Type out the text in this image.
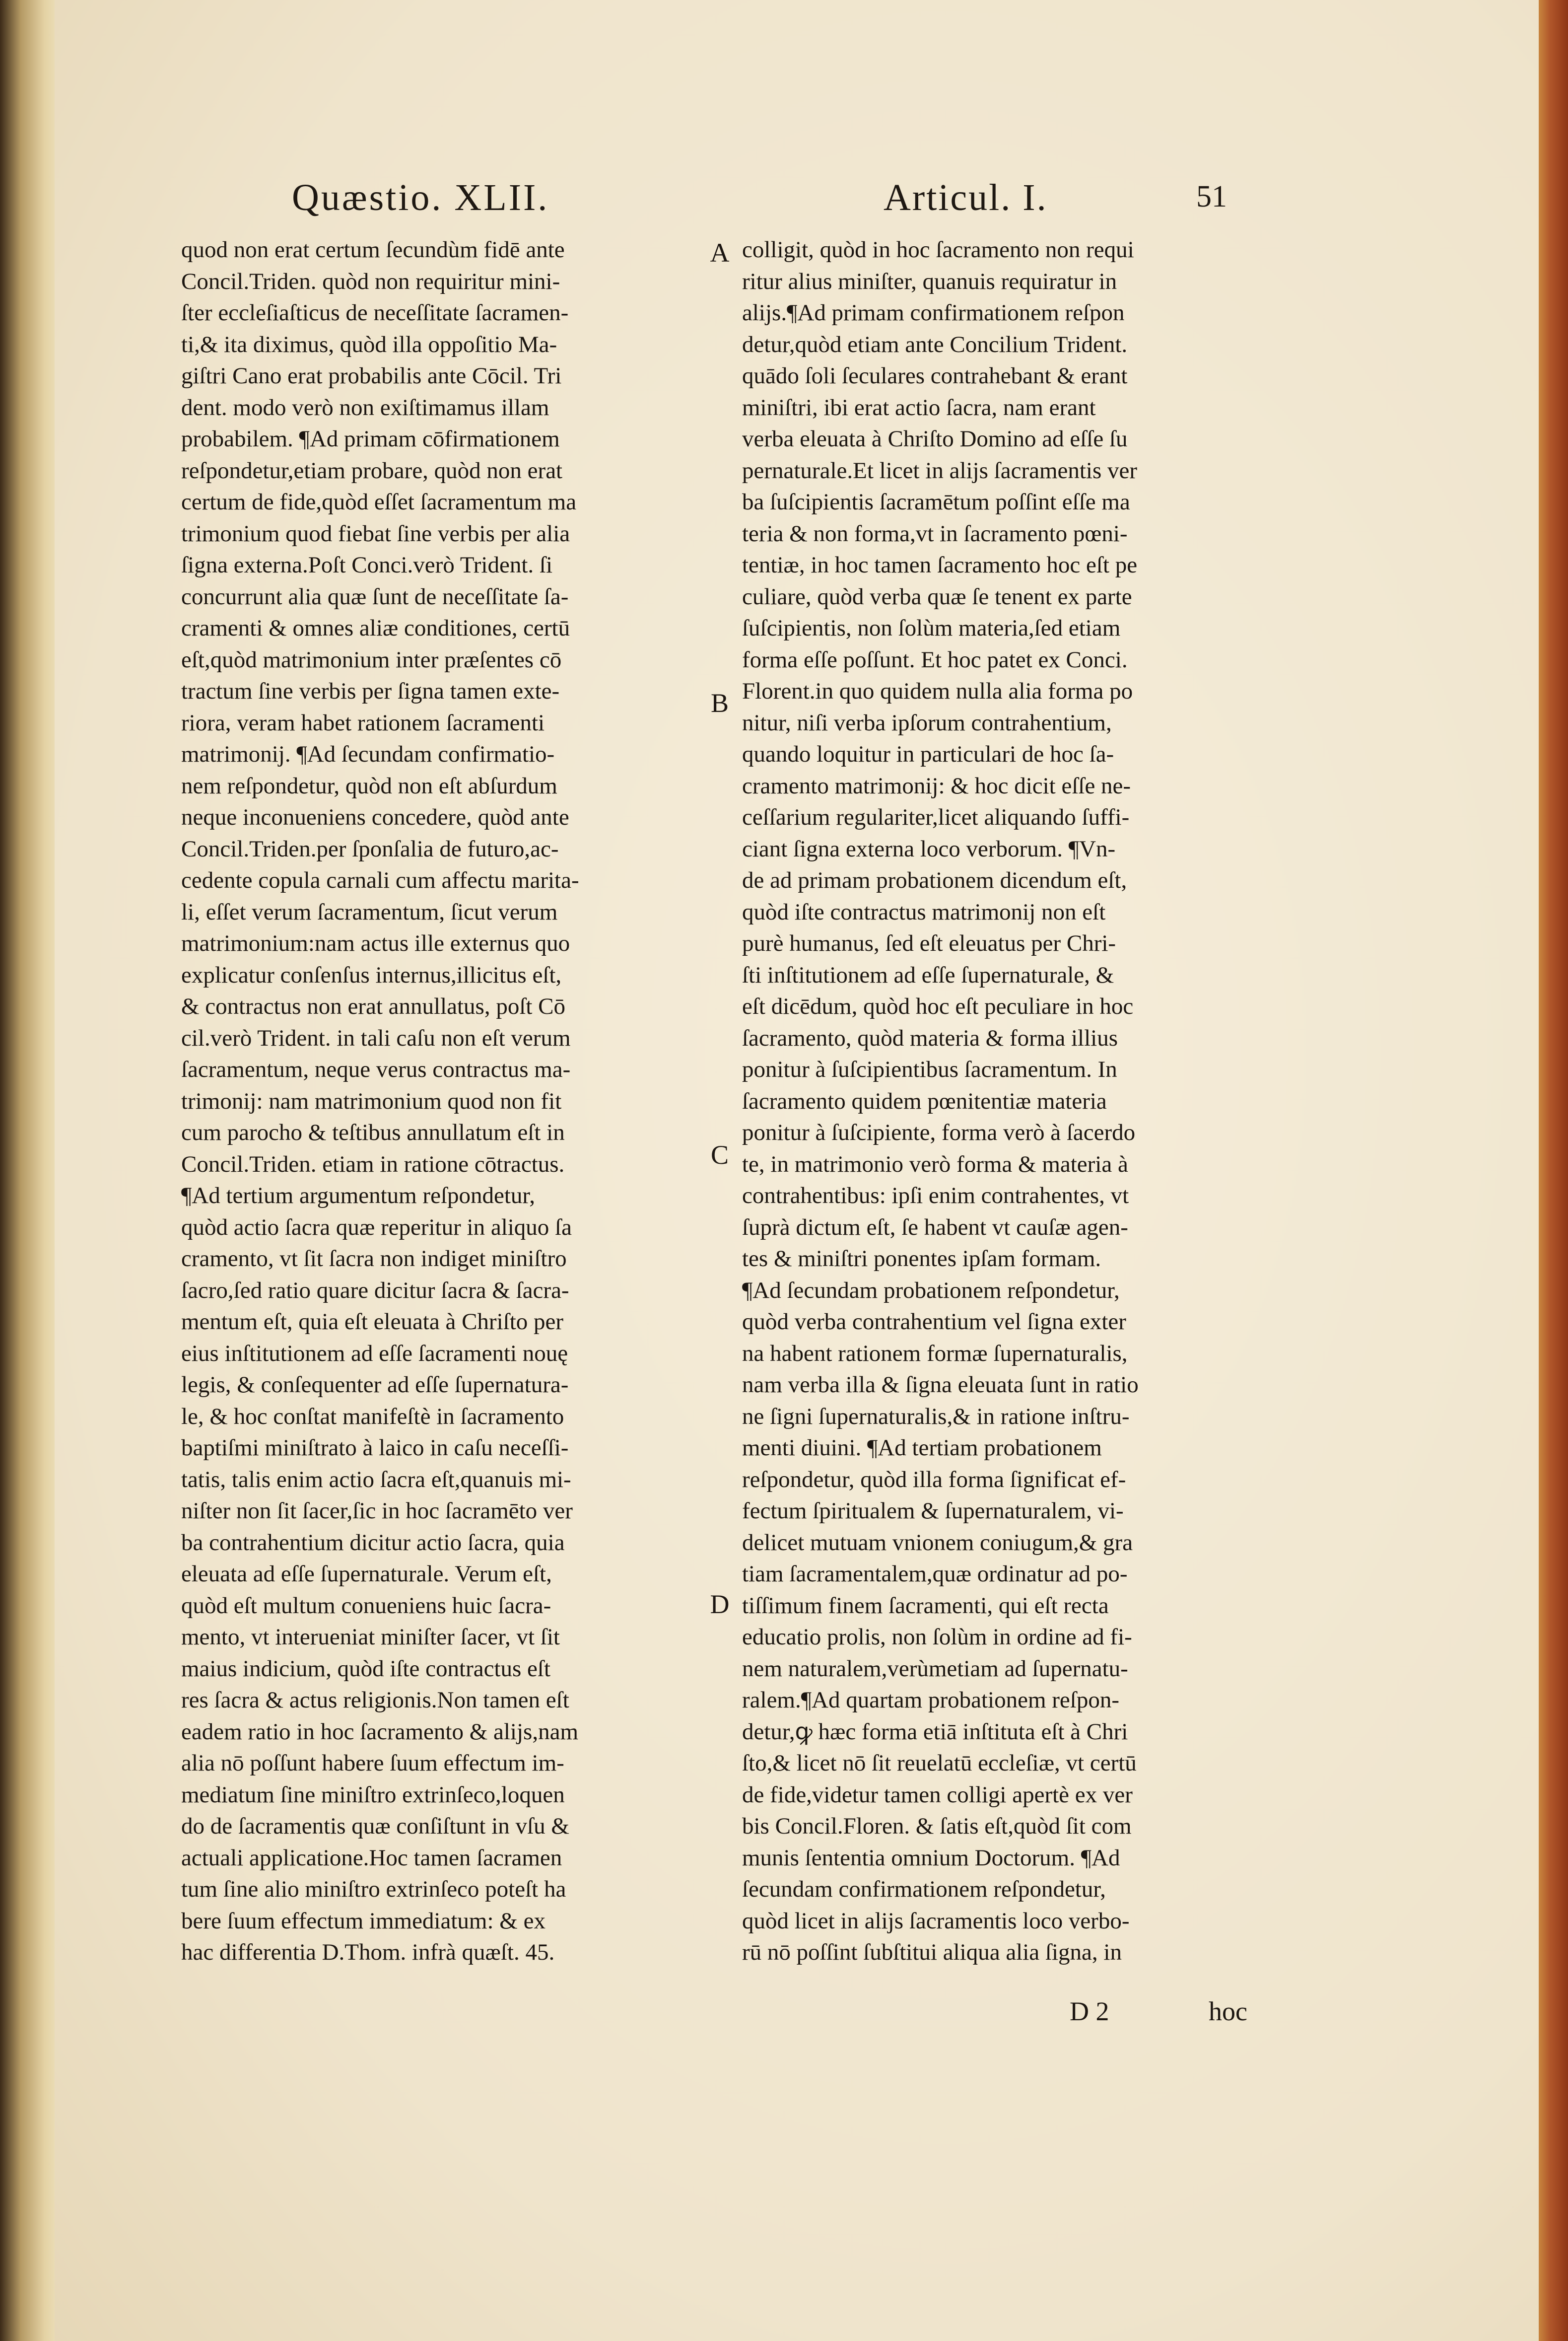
Quæstio. XLII.	Articul. I.	51
quod non erat certum ſecundùm fidē ante
Concil.Triden. quòd non requiritur mini-
ſter eccleſiaſticus de neceſſitate ſacramen-
ti,& ita diximus, quòd illa oppoſitio Ma-
giſtri Cano erat probabilis ante Cōcil. Tri
dent. modo verò non exiſtimamus illam
probabilem. ¶Ad primam cōfirmationem
reſpondetur,etiam probare, quòd non erat
certum de fide,quòd eſſet ſacramentum ma
trimonium quod fiebat ſine verbis per alia
ſigna externa.Poſt Conci.verò Trident. ſi
concurrunt alia quæ ſunt de neceſſitate ſa-
cramenti & omnes aliæ conditiones, certū
eſt,quòd matrimonium inter præſentes cō
tractum ſine verbis per ſigna tamen exte-
riora, veram habet rationem ſacramenti
matrimonij. ¶Ad ſecundam confirmatio-
nem reſpondetur, quòd non eſt abſurdum
neque inconueniens concedere, quòd ante
Concil.Triden.per ſponſalia de futuro,ac-
cedente copula carnali cum affectu marita-
li, eſſet verum ſacramentum, ſicut verum
matrimonium:nam actus ille externus quo
explicatur conſenſus internus,illicitus eſt,
& contractus non erat annullatus, poſt Cō
cil.verò Trident. in tali caſu non eſt verum
ſacramentum, neque verus contractus ma-
trimonij: nam matrimonium quod non fit
cum parocho & teſtibus annullatum eſt in
Concil.Triden. etiam in ratione cōtractus.
¶Ad tertium argumentum reſpondetur,
quòd actio ſacra quæ reperitur in aliquo ſa
cramento, vt ſit ſacra non indiget miniſtro
ſacro,ſed ratio quare dicitur ſacra & ſacra-
mentum eſt, quia eſt eleuata à Chriſto per
eius inſtitutionem ad eſſe ſacramenti nouę
legis, & conſequenter ad eſſe ſupernatura-
le, & hoc conſtat manifeſtè in ſacramento
baptiſmi miniſtrato à laico in caſu neceſſi-
tatis, talis enim actio ſacra eſt,quanuis mi-
niſter non ſit ſacer,ſic in hoc ſacramēto ver
ba contrahentium dicitur actio ſacra, quia
eleuata ad eſſe ſupernaturale. Verum eſt,
quòd eſt multum conueniens huic ſacra-
mento, vt interueniat miniſter ſacer, vt ſit
maius indicium, quòd iſte contractus eſt
res ſacra & actus religionis.Non tamen eſt
eadem ratio in hoc ſacramento & alijs,nam
alia nō poſſunt habere ſuum effectum im-
mediatum ſine miniſtro extrinſeco,loquen
do de ſacramentis quæ conſiſtunt in vſu &
actuali applicatione.Hoc tamen ſacramen
tum ſine alio miniſtro extrinſeco poteſt ha
bere ſuum effectum immediatum: & ex
hac differentia D.Thom. infrà quæſt. 45.
colligit, quòd in hoc ſacramento non requi
ritur alius miniſter, quanuis requiratur in
alijs.¶Ad primam confirmationem reſpon
detur,quòd etiam ante Concilium Trident.
quādo ſoli ſeculares contrahebant & erant
miniſtri, ibi erat actio ſacra, nam erant
verba eleuata à Chriſto Domino ad eſſe ſu
pernaturale.Et licet in alijs ſacramentis ver
ba ſuſcipientis ſacramētum poſſint eſſe ma
teria & non forma,vt in ſacramento pœni-
tentiæ, in hoc tamen ſacramento hoc eſt pe
culiare, quòd verba quæ ſe tenent ex parte
ſuſcipientis, non ſolùm materia,ſed etiam
forma eſſe poſſunt. Et hoc patet ex Conci.
Florent.in quo quidem nulla alia forma po
nitur, niſi verba ipſorum contrahentium,
quando loquitur in particulari de hoc ſa-
cramento matrimonij: & hoc dicit eſſe ne-
ceſſarium regulariter,licet aliquando ſuffi-
ciant ſigna externa loco verborum. ¶Vn-
de ad primam probationem dicendum eſt,
quòd iſte contractus matrimonij non eſt
purè humanus, ſed eſt eleuatus per Chri-
ſti inſtitutionem ad eſſe ſupernaturale, &
eſt dicēdum, quòd hoc eſt peculiare in hoc
ſacramento, quòd materia & forma illius
ponitur à ſuſcipientibus ſacramentum. In
ſacramento quidem pœnitentiæ materia
ponitur à ſuſcipiente, forma verò à ſacerdo
te, in matrimonio verò forma & materia à
contrahentibus: ipſi enim contrahentes, vt
ſuprà dictum eſt, ſe habent vt cauſæ agen-
tes & miniſtri ponentes ipſam formam.
¶Ad ſecundam probationem reſpondetur,
quòd verba contrahentium vel ſigna exter
na habent rationem formæ ſupernaturalis,
nam verba illa & ſigna eleuata ſunt in ratio
ne ſigni ſupernaturalis,& in ratione inſtru-
menti diuini. ¶Ad tertiam probationem
reſpondetur, quòd illa forma ſignificat ef-
fectum ſpiritualem & ſupernaturalem, vi-
delicet mutuam vnionem coniugum,& gra
tiam ſacramentalem,quæ ordinatur ad po-
tiſſimum finem ſacramenti, qui eſt recta
educatio prolis, non ſolùm in ordine ad fi-
nem naturalem,verùmetiam ad ſupernatu-
ralem.¶Ad quartam probationem reſpon-
detur,ꝙ hæc forma etiā inſtituta eſt à Chri
ſto,& licet nō ſit reuelatū eccleſiæ, vt certū
de fide,videtur tamen colligi apertè ex ver
bis Concil.Floren. & ſatis eſt,quòd ſit com
munis ſententia omnium Doctorum. ¶Ad
ſecundam confirmationem reſpondetur,
quòd licet in alijs ſacramentis loco verbo-
rū nō poſſint ſubſtitui aliqua alia ſigna, in
A
B
C
D
D 2	hoc
